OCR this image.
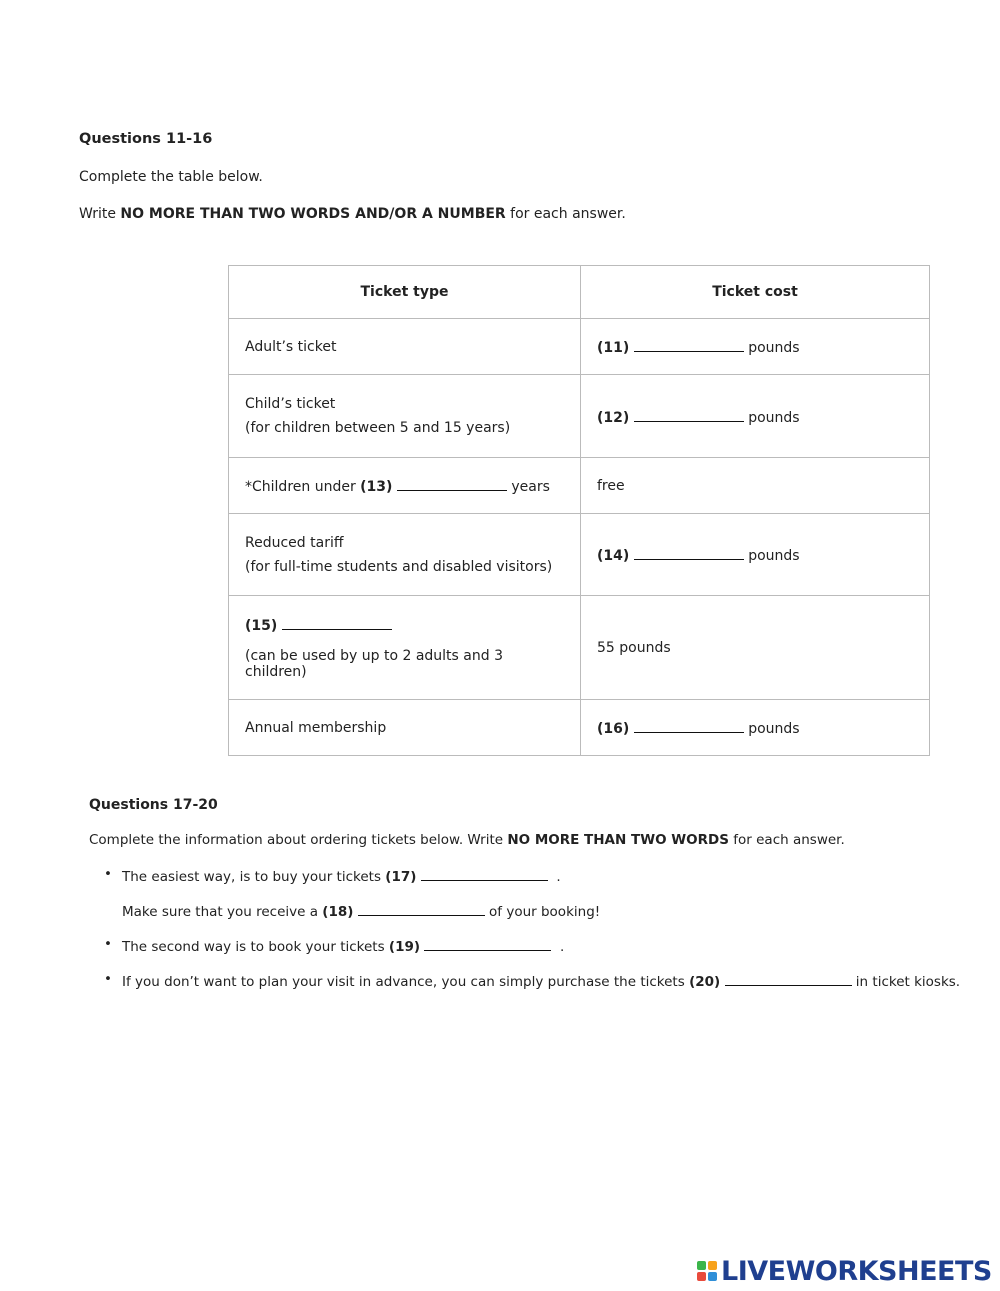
Questions 11-16
Complete the table below.
Write NO MORE THAN TWO WORDS AND/OR A NUMBER for each answer.
Ticket type	Ticket cost
Adult’s ticket	(11) pounds

Child’s ticket
(for children between 5 and 15 years)	(12) pounds
*Children under (13) years	free

Reduced tariff
(for full-time students and disabled visitors)	(14) pounds

(15)
(can be used by up to 2 adults and 3 children)	55 pounds
Annual membership	(16) pounds
Questions 17-20
Complete the information about ordering tickets below. Write NO MORE THAN TWO WORDS for each answer.
• The easiest way, is to buy your tickets (17)	.
Make sure that you receive a (18)	of your booking!
• The second way is to book your tickets (19)	.
• If you don’t want to plan your visit in advance, you can simply purchase the tickets (20)	in ticket kiosks.
LIVEWORKSHEETS
